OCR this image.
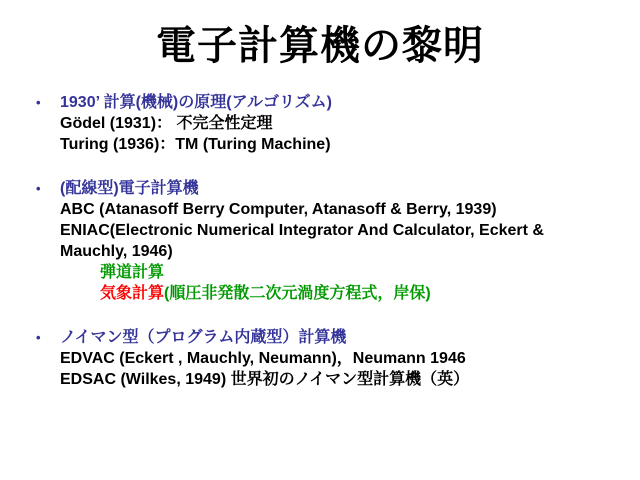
電子計算機の黎明
• 1930’ 計算(機械)の原理(アルゴリズム)
Gödel (1931)： 不完全性定理
Turing (1936)：TM (Turing Machine)
• (配線型)電子計算機
ABC (Atanasoff Berry Computer, Atanasoff & Berry, 1939)
ENIAC(Electronic Numerical Integrator And Calculator, Eckert &
Mauchly, 1946)
弾道計算
気象計算(順圧非発散二次元渦度方程式，岸保)
• ノイマン型（プログラム内蔵型）計算機
EDVAC (Eckert , Mauchly, Neumann)，Neumann 1946
EDSAC (Wilkes, 1949) 世界初のノイマン型計算機（英）
